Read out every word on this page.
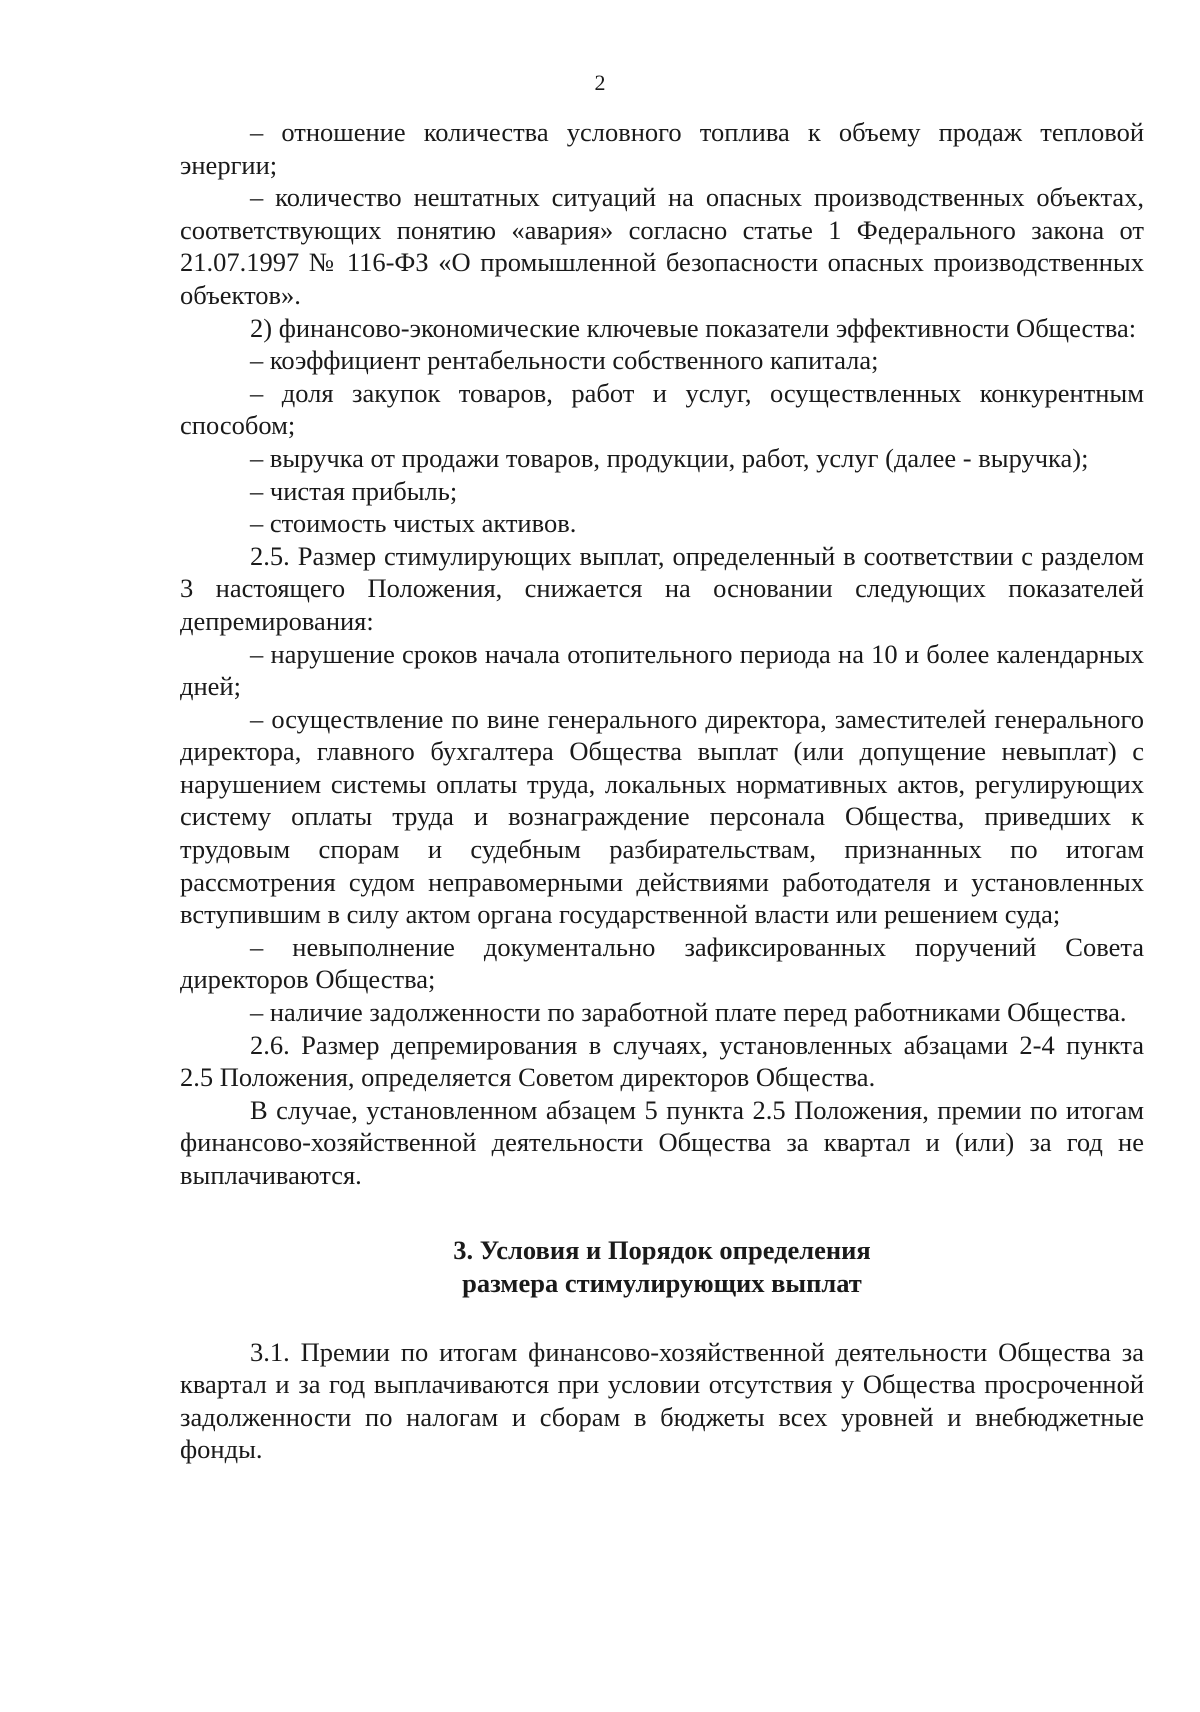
2

– отношение количества условного топлива к объему продаж тепловой энергии;

– количество нештатных ситуаций на опасных производственных объектах, соответствующих понятию «авария» согласно статье 1 Федерального закона от 21.07.1997 № 116-ФЗ «О промышленной безопасности опасных производственных объектов».

2) финансово-экономические ключевые показатели эффективности Общества:

– коэффициент рентабельности собственного капитала;

– доля закупок товаров, работ и услуг, осуществленных конкурентным способом;

– выручка от продажи товаров, продукции, работ, услуг (далее - выручка);

– чистая прибыль;

– стоимость чистых активов.

2.5. Размер стимулирующих выплат, определенный в соответствии с разделом 3 настоящего Положения, снижается на основании следующих показателей депремирования:

– нарушение сроков начала отопительного периода на 10 и более календарных дней;

– осуществление по вине генерального директора, заместителей генерального директора, главного бухгалтера Общества выплат (или допущение невыплат) с нарушением системы оплаты труда, локальных нормативных актов, регулирующих систему оплаты труда и вознаграждение персонала Общества, приведших к трудовым спорам и судебным разбирательствам, признанных по итогам рассмотрения судом неправомерными действиями работодателя и установленных вступившим в силу актом органа государственной власти или решением суда;

– невыполнение документально зафиксированных поручений Совета директоров Общества;

– наличие задолженности по заработной плате перед работниками Общества.

2.6. Размер депремирования в случаях, установленных абзацами 2-4 пункта 2.5 Положения, определяется Советом директоров Общества.

В случае, установленном абзацем 5 пункта 2.5 Положения, премии по итогам финансово-хозяйственной деятельности Общества за квартал и (или) за год не выплачиваются.

3. Условия и Порядок определения
размера стимулирующих выплат

3.1. Премии по итогам финансово-хозяйственной деятельности Общества за квартал и за год выплачиваются при условии отсутствия у Общества просроченной задолженности по налогам и сборам в бюджеты всех уровней и внебюджетные фонды.
